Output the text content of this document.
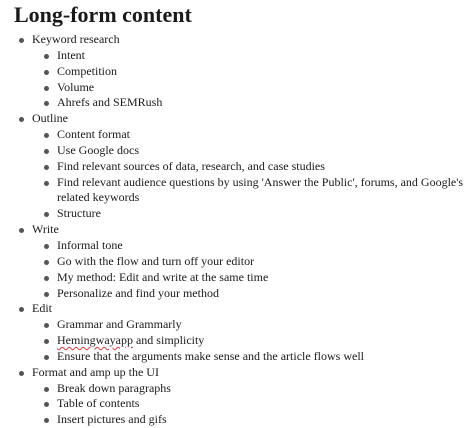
Long-form content
Keyword research
Intent
Competition
Volume
Ahrefs and SEMRush
Outline
Content format
Use Google docs
Find relevant sources of data, research, and case studies
Find relevant audience questions by using 'Answer the Public', forums, and Google's related keywords
Structure
Write
Informal tone
Go with the flow and turn off your editor
My method: Edit and write at the same time
Personalize and find your method
Edit
Grammar and Grammarly
Hemingwayapp and simplicity
Ensure that the arguments make sense and the article flows well
Format and amp up the UI
Break down paragraphs
Table of contents
Insert pictures and gifs
